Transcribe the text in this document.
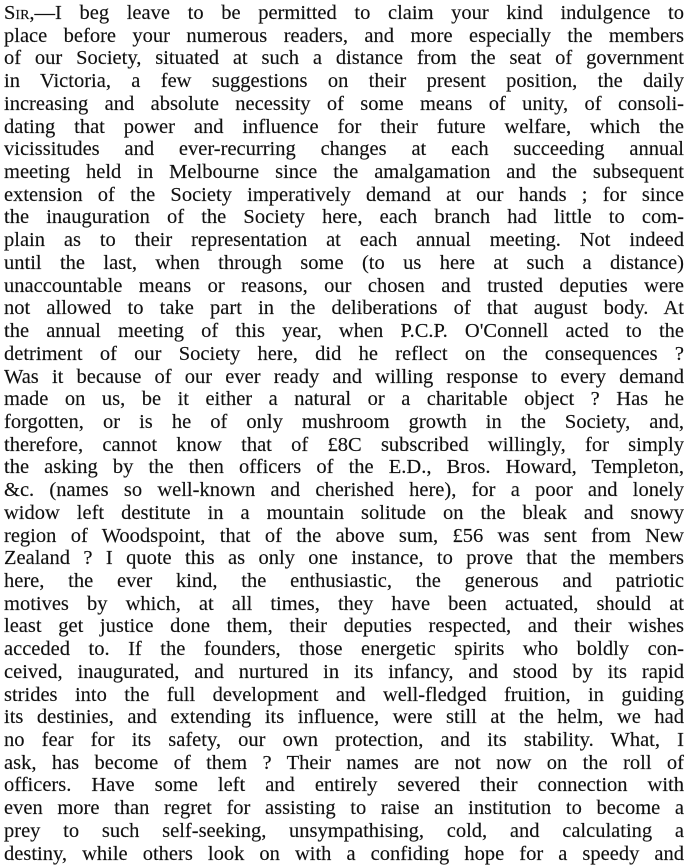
Sir,—I beg leave to be permitted to claim your kind indulgence to
place before your numerous readers, and more especially the members
of our Society, situated at such a distance from the seat of government
in Victoria, a few suggestions on their present position, the daily
increasing and absolute necessity of some means of unity, of consoli-
dating that power and influence for their future welfare, which the
vicissitudes and ever-recurring changes at each succeeding annual
meeting held in Melbourne since the amalgamation and the subsequent
extension of the Society imperatively demand at our hands ; for since
the inauguration of the Society here, each branch had little to com-
plain as to their representation at each annual meeting. Not indeed
until the last, when through some (to us here at such a distance)
unaccountable means or reasons, our chosen and trusted deputies were
not allowed to take part in the deliberations of that august body. At
the annual meeting of this year, when P.C.P. O'Connell acted to the
detriment of our Society here, did he reflect on the consequences ?
Was it because of our ever ready and willing response to every demand
made on us, be it either a natural or a charitable object ? Has he
forgotten, or is he of only mushroom growth in the Society, and,
therefore, cannot know that of £8C subscribed willingly, for simply
the asking by the then officers of the E.D., Bros. Howard, Templeton,
&c. (names so well-known and cherished here), for a poor and lonely
widow left destitute in a mountain solitude on the bleak and snowy
region of Woodspoint, that of the above sum, £56 was sent from New
Zealand ? I quote this as only one instance, to prove that the members
here, the ever kind, the enthusiastic, the generous and patriotic
motives by which, at all times, they have been actuated, should at
least get justice done them, their deputies respected, and their wishes
acceded to. If the founders, those energetic spirits who boldly con-
ceived, inaugurated, and nurtured in its infancy, and stood by its rapid
strides into the full development and well-fledged fruition, in guiding
its destinies, and extending its influence, were still at the helm, we had
no fear for its safety, our own protection, and its stability. What, I
ask, has become of them ? Their names are not now on the roll of
officers. Have some left and entirely severed their connection with
even more than regret for assisting to raise an institution to become a
prey to such self-seeking, unsympathising, cold, and calculating a
destiny, while others look on with a confiding hope for a speedy and
